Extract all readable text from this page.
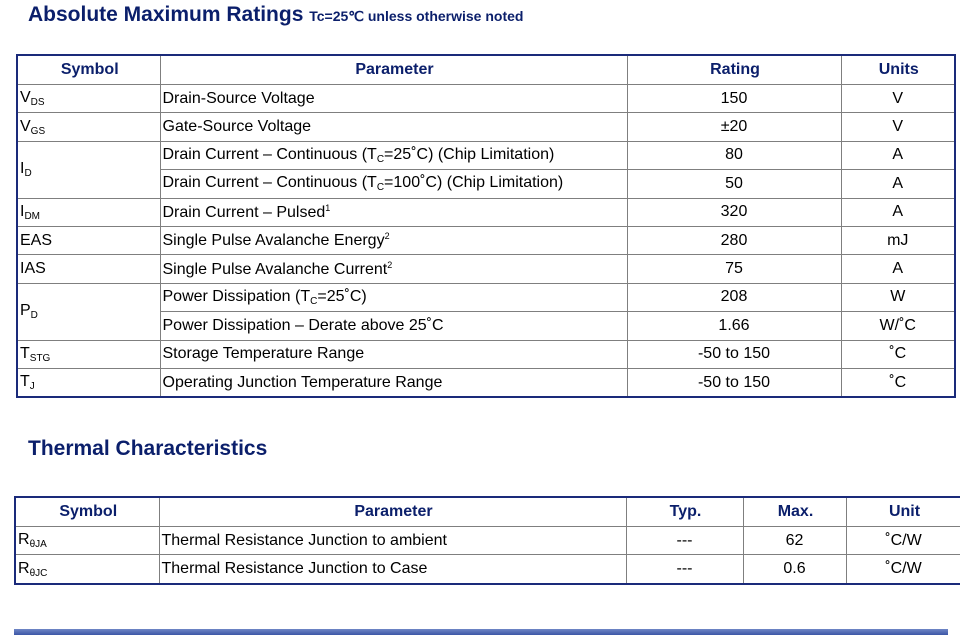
Absolute Maximum Ratings Tc=25℃ unless otherwise noted
Symbol	Parameter	Rating	Units
$V_{DS}$	Drain-Source Voltage	150	V
$V_{GS}$	Gate-Source Voltage	±20	V
$I_D$	Drain Current – Continuous $(T_C=25˚C)$ (Chip Limitation)	80	A
	Drain Current – Continuous $(T_C=100˚C)$ (Chip Limitation)	50	A
$I_{DM}$	Drain Current – Pulsed$^1$	320	A
EAS	Single Pulse Avalanche Energy$^2$	280	mJ
IAS	Single Pulse Avalanche Current$^2$	75	A
$P_D$	Power Dissipation $(T_C=25˚C)$	208	W
	Power Dissipation – Derate above 25˚C	1.66	W/˚C
$T_{STG}$	Storage Temperature Range	-50 to 150	˚C
$T_J$	Operating Junction Temperature Range	-50 to 150	˚C
Thermal Characteristics
Symbol	Parameter	Typ.	Max.	Unit
$R_{\theta JA}$	Thermal Resistance Junction to ambient	---	62	˚C/W
$R_{\theta JC}$	Thermal Resistance Junction to Case	---	0.6	˚C/W
